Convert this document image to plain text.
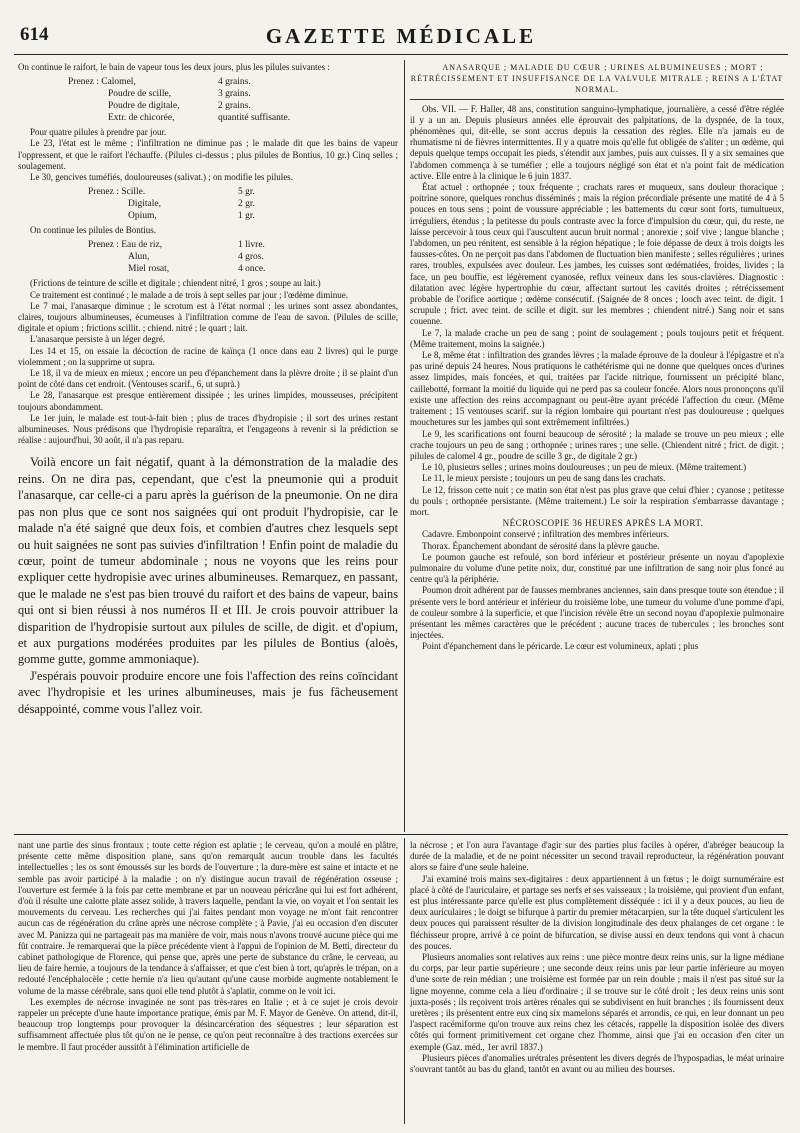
614	GAZETTE MÉDICALE

On continue le raifort, le bain de vapeur tous les deux jours, plus les pilules suivantes :

Prenez : Calomel,	4 grains.
Poudre de scille,	3 grains.
Poudre de digitale,	2 grains.
Extr. de chicorée,	quantité suffisante.

Pour quatre pilules à prendre par jour.

Le 23, l'état est le même ; l'infiltration ne diminue pas ; le malade dit que les bains de vapeur l'oppressent, et que le raifort l'échauffe. (Pilules ci-dessus ; plus pilules de Bontius, 10 gr.) Cinq selles ; soulagement.

Le 30, gencives tuméfiés, douloureuses (salivat.) ; on modifie les pilules.

Prenez : Scille.	5 gr.
Digitale,	2 gr.
Opium,	1 gr.

On continue les pilules de Bontius.

Prenez : Eau de riz,	1 livre.
Alun,	4 gros.
Miel rosat,	4 once.

(Frictions de teinture de scille et digitale ; chiendent nitré, 1 gros ; soupe au lait.)

Ce traitement est continué ; le malade a de trois à sept selles par jour ; l'œdème diminue.

Le 7 mai, l'anasarque diminue ; le scrotum est à l'état normal ; les urines sont assez abondantes, claires, toujours albumineuses, écumeuses à l'infiltration comme de l'eau de savon. (Pilules de scille, digitale et opium ; frictions scillit. ; chiend. nitré ; le quart ; lait.

L'anasarque persiste à un léger degré.

Les 14 et 15, on essaie la décoction de racine de kaïnça (1 once dans eau 2 livres) qui le purge violemment ; on la supprime ut supra.

Le 18, il va de mieux en mieux ; encore un peu d'épanchement dans la plèvre droite ; il se plaint d'un point de côté dans cet endroit. (Ventouses scarif., 6, ut suprà.)

Le 28, l'anasarque est presque entièrement dissipée ; les urines limpides, mousseuses, précipitent toujours abondamment.

Le 1er juin, le malade est tout-à-fait bien ; plus de traces d'hydropisie ; il sort des urines restant albumineuses. Nous prédisons que l'hydropisie reparaîtra, et l'engageons à revenir si la prédiction se réalise : aujourd'hui, 30 août, il n'a pas reparu.

Voilà encore un fait négatif, quant à la démonstration de la maladie des reins. On ne dira pas, cependant, que c'est la pneumonie qui a produit l'anasarque, car celle-ci a paru après la guérison de la pneumonie. On ne dira pas non plus que ce sont nos saignées qui ont produit l'hydropisie, car le malade n'a été saigné que deux fois, et combien d'autres chez lesquels sept ou huit saignées ne sont pas suivies d'infiltration ! Enfin point de maladie du cœur, point de tumeur abdominale ; nous ne voyons que les reins pour expliquer cette hydropisie avec urines albumineuses. Remarquez, en passant, que le malade ne s'est pas bien trouvé du raifort et des bains de vapeur, bains qui ont si bien réussi à nos numéros II et III. Je crois pouvoir attribuer la disparition de l'hydropisie surtout aux pilules de scille, de digit. et d'opium, et aux purgations modérées produites par les pilules de Bontius (aloès, gomme gutte, gomme ammoniaque).

J'espérais pouvoir produire encore une fois l'affection des reins coïncidant avec l'hydropisie et les urines albumineuses, mais je fus fâcheusement désappointé, comme vous l'allez voir.

ANASARQUE ; MALADIE DU CŒUR ; URINES ALBUMINEUSES ; MORT ; RÉTRÉCISSEMENT ET INSUFFISANCE DE LA VALVULE MITRALE ; REINS A L'ÉTAT NORMAL.

Obs. VII. — F. Haller, 48 ans, constitution sanguino-lymphatique, journalière, a cessé d'être réglée il y a un an. Depuis plusieurs années elle éprouvait des palpitations, de la dyspnée, de la toux, phénomènes qui, dit-elle, se sont accrus depuis la cessation des règles. Elle n'a jamais eu de rhumatisme ni de fièvres intermittentes. Il y a quatre mois qu'elle fut obligée de s'aliter ; un œdème, qui depuis quelque temps occupait les pieds, s'étendit aux jambes, puis aux cuisses. Il y a six semaines que l'abdomen commença à se tuméfier ; elle a toujours négligé son état et n'a point fait de médication active. Elle entre à la clinique le 6 juin 1837.

État actuel : orthopnée ; toux fréquente ; crachats rares et muqueux, sans douleur thoracique ; poitrine sonore, quelques ronchus disséminés ; mais la région précordiale présente une matité de 4 à 5 pouces en tous sens ; point de voussure appréciable ; les battements du cœur sont forts, tumultueux, irréguliers, étendus ; la petitesse du pouls contraste avec la force d'impulsion du cœur, qui, du reste, ne laisse percevoir à tous ceux qui l'auscultent aucun bruit normal ; anorexie ; soif vive ; langue blanche ; l'abdomen, un peu rénitent, est sensible à la région hépatique ; le foie dépasse de deux à trois doigts les fausses-côtes. On ne perçoit pas dans l'abdomen de fluctuation bien manifeste ; selles régulières ; urines rares, troubles, expulsées avec douleur. Les jambes, les cuisses sont œdématiées, froides, livides ; la face, un peu bouffie, est légèrement cyanosée, reflux veineux dans les sous-clavières. Diagnostic : dilatation avec légère hypertrophie du cœur, affectant surtout les cavités droites ; rétrécissement probable de l'orifice aortique ; œdème consécutif. (Saignée de 8 onces ; looch avec teint. de digit. 1 scrupule ; frict. avec teint. de scille et digit. sur les membres ; chiendent nitré.) Sang noir et sans couenne.

Le 7, la malade crache un peu de sang ; point de soulagement ; pouls toujours petit et fréquent. (Même traitement, moins la saignée.)

Le 8, même état : infiltration des grandes lèvres ; la malade éprouve de la douleur à l'épigastre et n'a pas uriné depuis 24 heures. Nous pratiquons le cathétérisme qui ne donne que quelques onces d'urines assez limpides, mais foncées, et qui, traitées par l'acide nitrique, fournissent un précipité blanc, caillebotté, formant la moitié du liquide qui ne perd pas sa couleur foncée. Alors nous prononçons qu'il existe une affection des reins accompagnant ou peut-être ayant précédé l'affection du cœur. (Même traitement ; 15 ventouses scarif. sur la région lombaire qui pourtant n'est pas douloureuse ; quelques mouchetures sur les jambes qui sont extrêmement infiltrées.)

Le 9, les scarifications ont fourni beaucoup de sérosité ; la malade se trouve un peu mieux ; elle crache toujours un peu de sang ; orthopnée ; urines rares ; une selle. (Chiendent nitré ; frict. de digit. ; pilules de calomel 4 gr., poudre de scille 3 gr., de digitale 2 gr.)

Le 10, plusieurs selles ; urines moins douloureuses ; un peu de mieux. (Même traitement.)

Le 11, le mieux persiste ; toujours un peu de sang dans les crachats.

Le 12, frisson cette nuit ; ce matin son état n'est pas plus grave que celui d'hier ; cyanose ; petitesse du pouls ; orthopnée persistante. (Même traitement.) Le soir la respiration s'embarrasse davantage ; mort.

NÉCROSCOPIE 36 HEURES APRÈS LA MORT.

Cadavre. Embonpoint conservé ; infiltration des membres inférieurs.

Thorax. Épanchement abondant de sérosité dans la plèvre gauche.

Le poumon gauche est refoulé, son bord inférieur et postérieur présente un noyau d'apoplexie pulmonaire du volume d'une petite noix, dur, constitué par une infiltration de sang noir plus foncé au centre qu'à la périphérie.

Poumon droit adhérent par de fausses membranes anciennes, sain dans presque toute son étendue ; il présente vers le bord antérieur et inférieur du troisième lobe, une tumeur du volume d'une pomme d'api, de couleur sombre à la superficie, et que l'incision révèle être un second noyau d'apoplexie pulmonaire présentant les mêmes caractères que le précédent ; aucune traces de tubercules ; les bronches sont injectées.

Point d'épanchement dans le péricarde. Le cœur est volumineux, aplati ; plus

nant une partie des sinus frontaux ; toute cette région est aplatie ; le cerveau, qu'on a moulé en plâtre, présente cette même disposition plane, sans qu'on remarquât aucun trouble dans les facultés intellectuelles ; les os sont émoussés sur les bords de l'ouverture ; la dure-mère est saine et intacte et ne semble pas avoir participé à la maladie ; on n'y distingue aucun travail de régénération osseuse ; l'ouverture est fermée à la fois par cette membrane et par un nouveau péricrâne qui lui est fort adhérent, d'où il résulte une calotte plate assez solide, à travers laquelle, pendant la vie, on voyait et l'on sentait les mouvements du cerveau. Les recherches qui j'ai faites pendant mon voyage ne m'ont fait rencontrer aucun cas de régénération du crâne après une nécrose complète ; à Pavie, j'ai eu occasion d'en discuter avec M. Panizza qui ne partageait pas ma manière de voir, mais nous n'avons trouvé aucune pièce qui me fût contraire. Je remarquerai que la pièce précédente vient à l'appui de l'opinion de M. Betti, directeur du cabinet pathologique de Florence, qui pense que, après une perte de substance du crâne, le cerveau, au lieu de faire hernie, a toujours de la tendance à s'affaisser, et que c'est bien à tort, qu'après le trépan, on a redouté l'encéphalocèle ; cette hernie n'a lieu qu'autant qu'une cause morbide augmente notablement le volume de la masse cérébrale, sans quoi elle tend plutôt à s'aplatir, comme on le voit ici.

Les exemples de nécrose invaginée ne sont pas très-rares en Italie ; et à ce sujet je crois devoir rappeler un précepte d'une haute importance pratique, émis par M. F. Mayor de Genève. On attend, dit-il, beaucoup trop longtemps pour provoquer la désincarcération des séquestres ; leur séparation est suffisamment affectuée plus tôt qu'on ne le pense, ce qu'on peut reconnaître à des tractions exercées sur le membre. Il faut procéder aussitôt à l'élimination artificielle de

la nécrose ; et l'on aura l'avantage d'agir sur des parties plus faciles à opérer, d'abréger beaucoup la durée de la maladie, et de ne point nécessiter un second travail reproducteur, la régénération pouvant alors se faire d'une seule haleine.

J'ai examiné trois mains sex-digitaires : deux appartiennent à un fœtus ; le doigt surnuméraire est placé à côté de l'auriculaire, et partage ses nerfs et ses vaisseaux ; la troisième, qui provient d'un enfant, est plus intéressante parce qu'elle est plus complètement disséquée : ici il y a deux pouces, au lieu de deux auriculaires ; le doigt se bifurque à partir du premier métacarpien, sur la tête duquel s'articulent les deux pouces qui paraissent résulter de la division longitudinale des deux phalanges de cet organe : le fléchisseur propre, arrivé à ce point de bifurcation, se divise aussi en deux tendons qui vont à chacun des pouces.

Plusieurs anomalies sont relatives aux reins : une pièce montre deux reins unis, sur la ligne médiane du corps, par leur partie supérieure ; une seconde deux reins unis par leur partie inférieure au moyen d'une sorte de rein médian ; une troisième est formée par un rein double ; mais il n'est pas situé sur la ligne moyenne, comme cela a lieu d'ordinaire ; il se trouve sur le côté droit ; les deux reins unis sont juxta-posés ; ils reçoivent trois artères rénales qui se subdivisent en huit branches ; ils fournissent deux uretères ; ils présentent entre eux cinq six mamelons séparés et arrondis, ce qui, en leur donnant un peu l'aspect racémiforme qu'on trouve aux reins chez les cétacés, rappelle la disposition isolée des divers côtés qui forment primitivement cet organe chez l'homme, ainsi que j'ai eu occasion d'en citer un exemple (Gaz. méd., 1er avril 1837.)

Plusieurs pièces d'anomalies urétrales présentent les divers degrés de l'hypospadias, le méat urinaire s'ouvrant tantôt au bas du gland, tantôt en avant ou au milieu des bourses.
